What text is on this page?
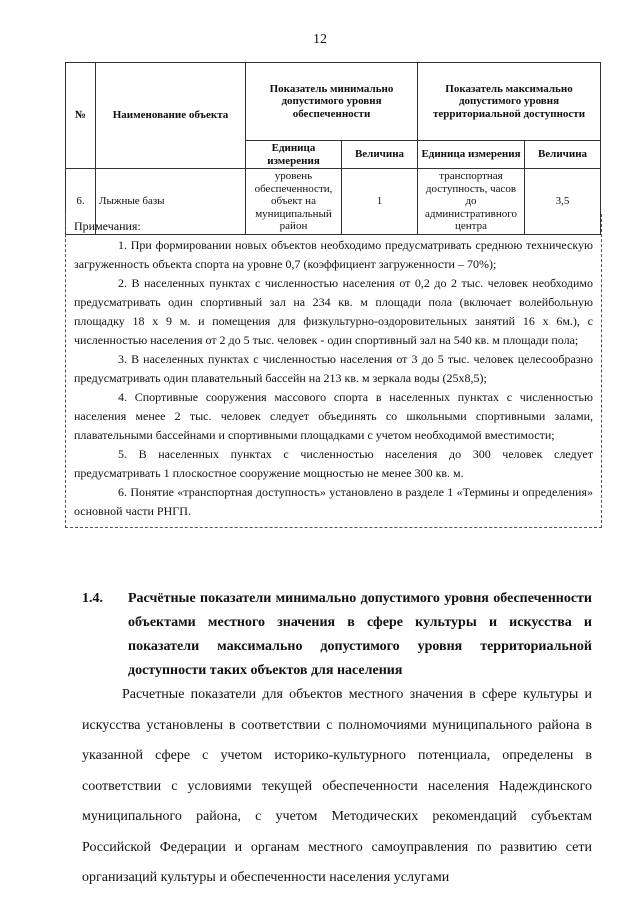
12
№	Наименование объекта	Показатель минимально допустимого уровня обеспеченности		Показатель максимально допустимого уровня территориальной доступности	
		Единица измерения	Величина	Единица измерения	Величина
6.	Лыжные базы	уровень обеспеченности, объект на муниципальный район	1	транспортная доступность, часов до административного центра	3,5

Примечания:

1. При формировании новых объектов необходимо предусматривать среднюю техническую загруженность объекта спорта на уровне 0,7 (коэффициент загруженности – 70%);

2. В населенных пунктах с численностью населения от 0,2 до 2 тыс. человек необходимо предусматривать один спортивный зал на 234 кв. м площади пола (включает волейбольную площадку 18 х 9 м. и помещения для физкультурно-оздоровительных занятий 16 х 6м.), с численностью населения от 2 до 5 тыс. человек - один спортивный зал на 540 кв. м площади пола;

3. В населенных пунктах с численностью населения от 3 до 5 тыс. человек целесообразно предусматривать один плавательный бассейн на 213 кв. м зеркала воды (25х8,5);

4. Спортивные сооружения массового спорта в населенных пунктах с численностью населения менее 2 тыс. человек следует объединять со школьными спортивными залами, плавательными бассейнами и спортивными площадками с учетом необходимой вместимости;

5. В населенных пунктах с численностью населения до 300 человек следует предусматривать 1 плоскостное сооружение мощностью не менее 300 кв. м.

6. Понятие «транспортная доступность» установлено в разделе 1 «Термины и определения» основной части РНГП.

1.4.	Расчётные показатели минимально допустимого уровня обеспеченности объектами местного значения в сфере культуры и искусства и показатели максимально допустимого уровня территориальной доступности таких объектов для населения

Расчетные показатели для объектов местного значения в сфере культуры и искусства установлены в соответствии с полномочиями муниципального района в указанной сфере с учетом историко-культурного потенциала, определены в соответствии с условиями текущей обеспеченности населения Надеждинского муниципального района, с учетом Методических рекомендаций субъектам Российской Федерации и органам местного самоуправления по развитию сети организаций культуры и обеспеченности населения услугами
